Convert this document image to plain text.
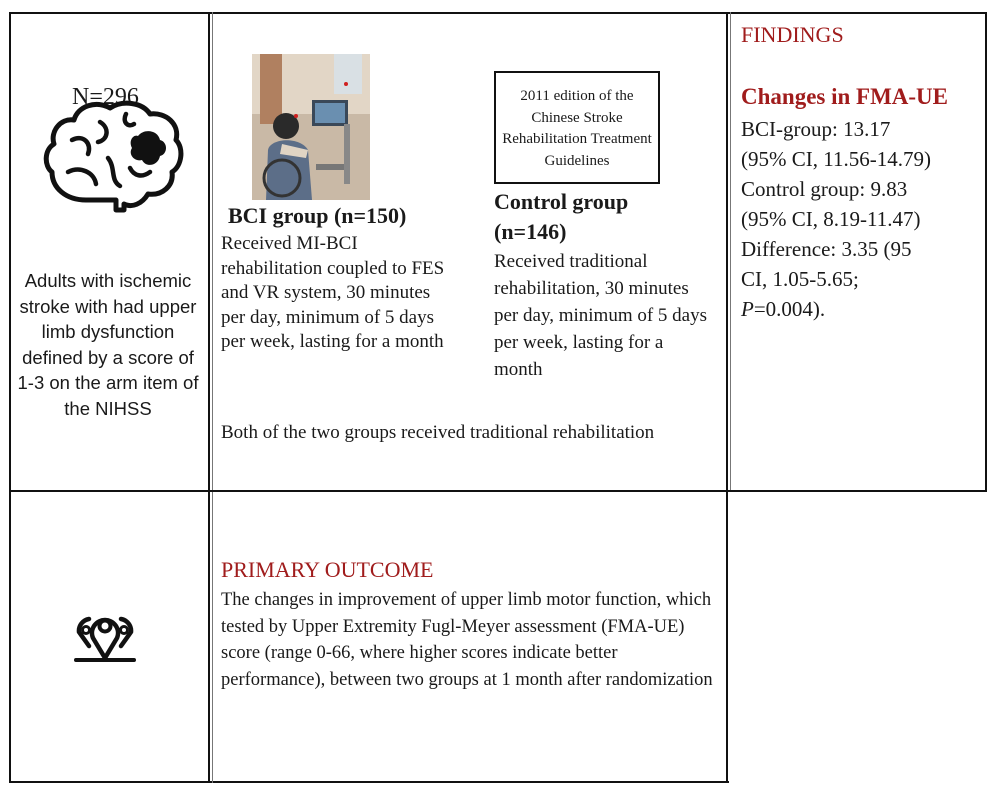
N=296
Adults with ischemic stroke with had upper limb dysfunction defined by a score of 1-3 on the arm item of the NIHSS
BCI group (n=150)
Received MI-BCI rehabilitation coupled to FES and VR system, 30 minutes per day, minimum of 5 days per week, lasting for a month
2011 edition of the Chinese Stroke Rehabilitation Treatment Guidelines
Control group (n=146)
Received traditional rehabilitation, 30 minutes per day, minimum of 5 days per week, lasting for a month
Both of the two groups received traditional rehabilitation
FINDINGS
Changes in FMA-UE
BCI-group: 13.17
(95% CI, 11.56-14.79)
Control group: 9.83
(95% CI, 8.19-11.47)
Difference: 3.35 (95
CI, 1.05-5.65;
P=0.004).
PRIMARY OUTCOME
The changes in improvement of upper limb motor function, which tested by Upper Extremity Fugl-Meyer assessment (FMA-UE) score (range 0-66, where higher scores indicate better performance), between two groups at 1 month after randomization
